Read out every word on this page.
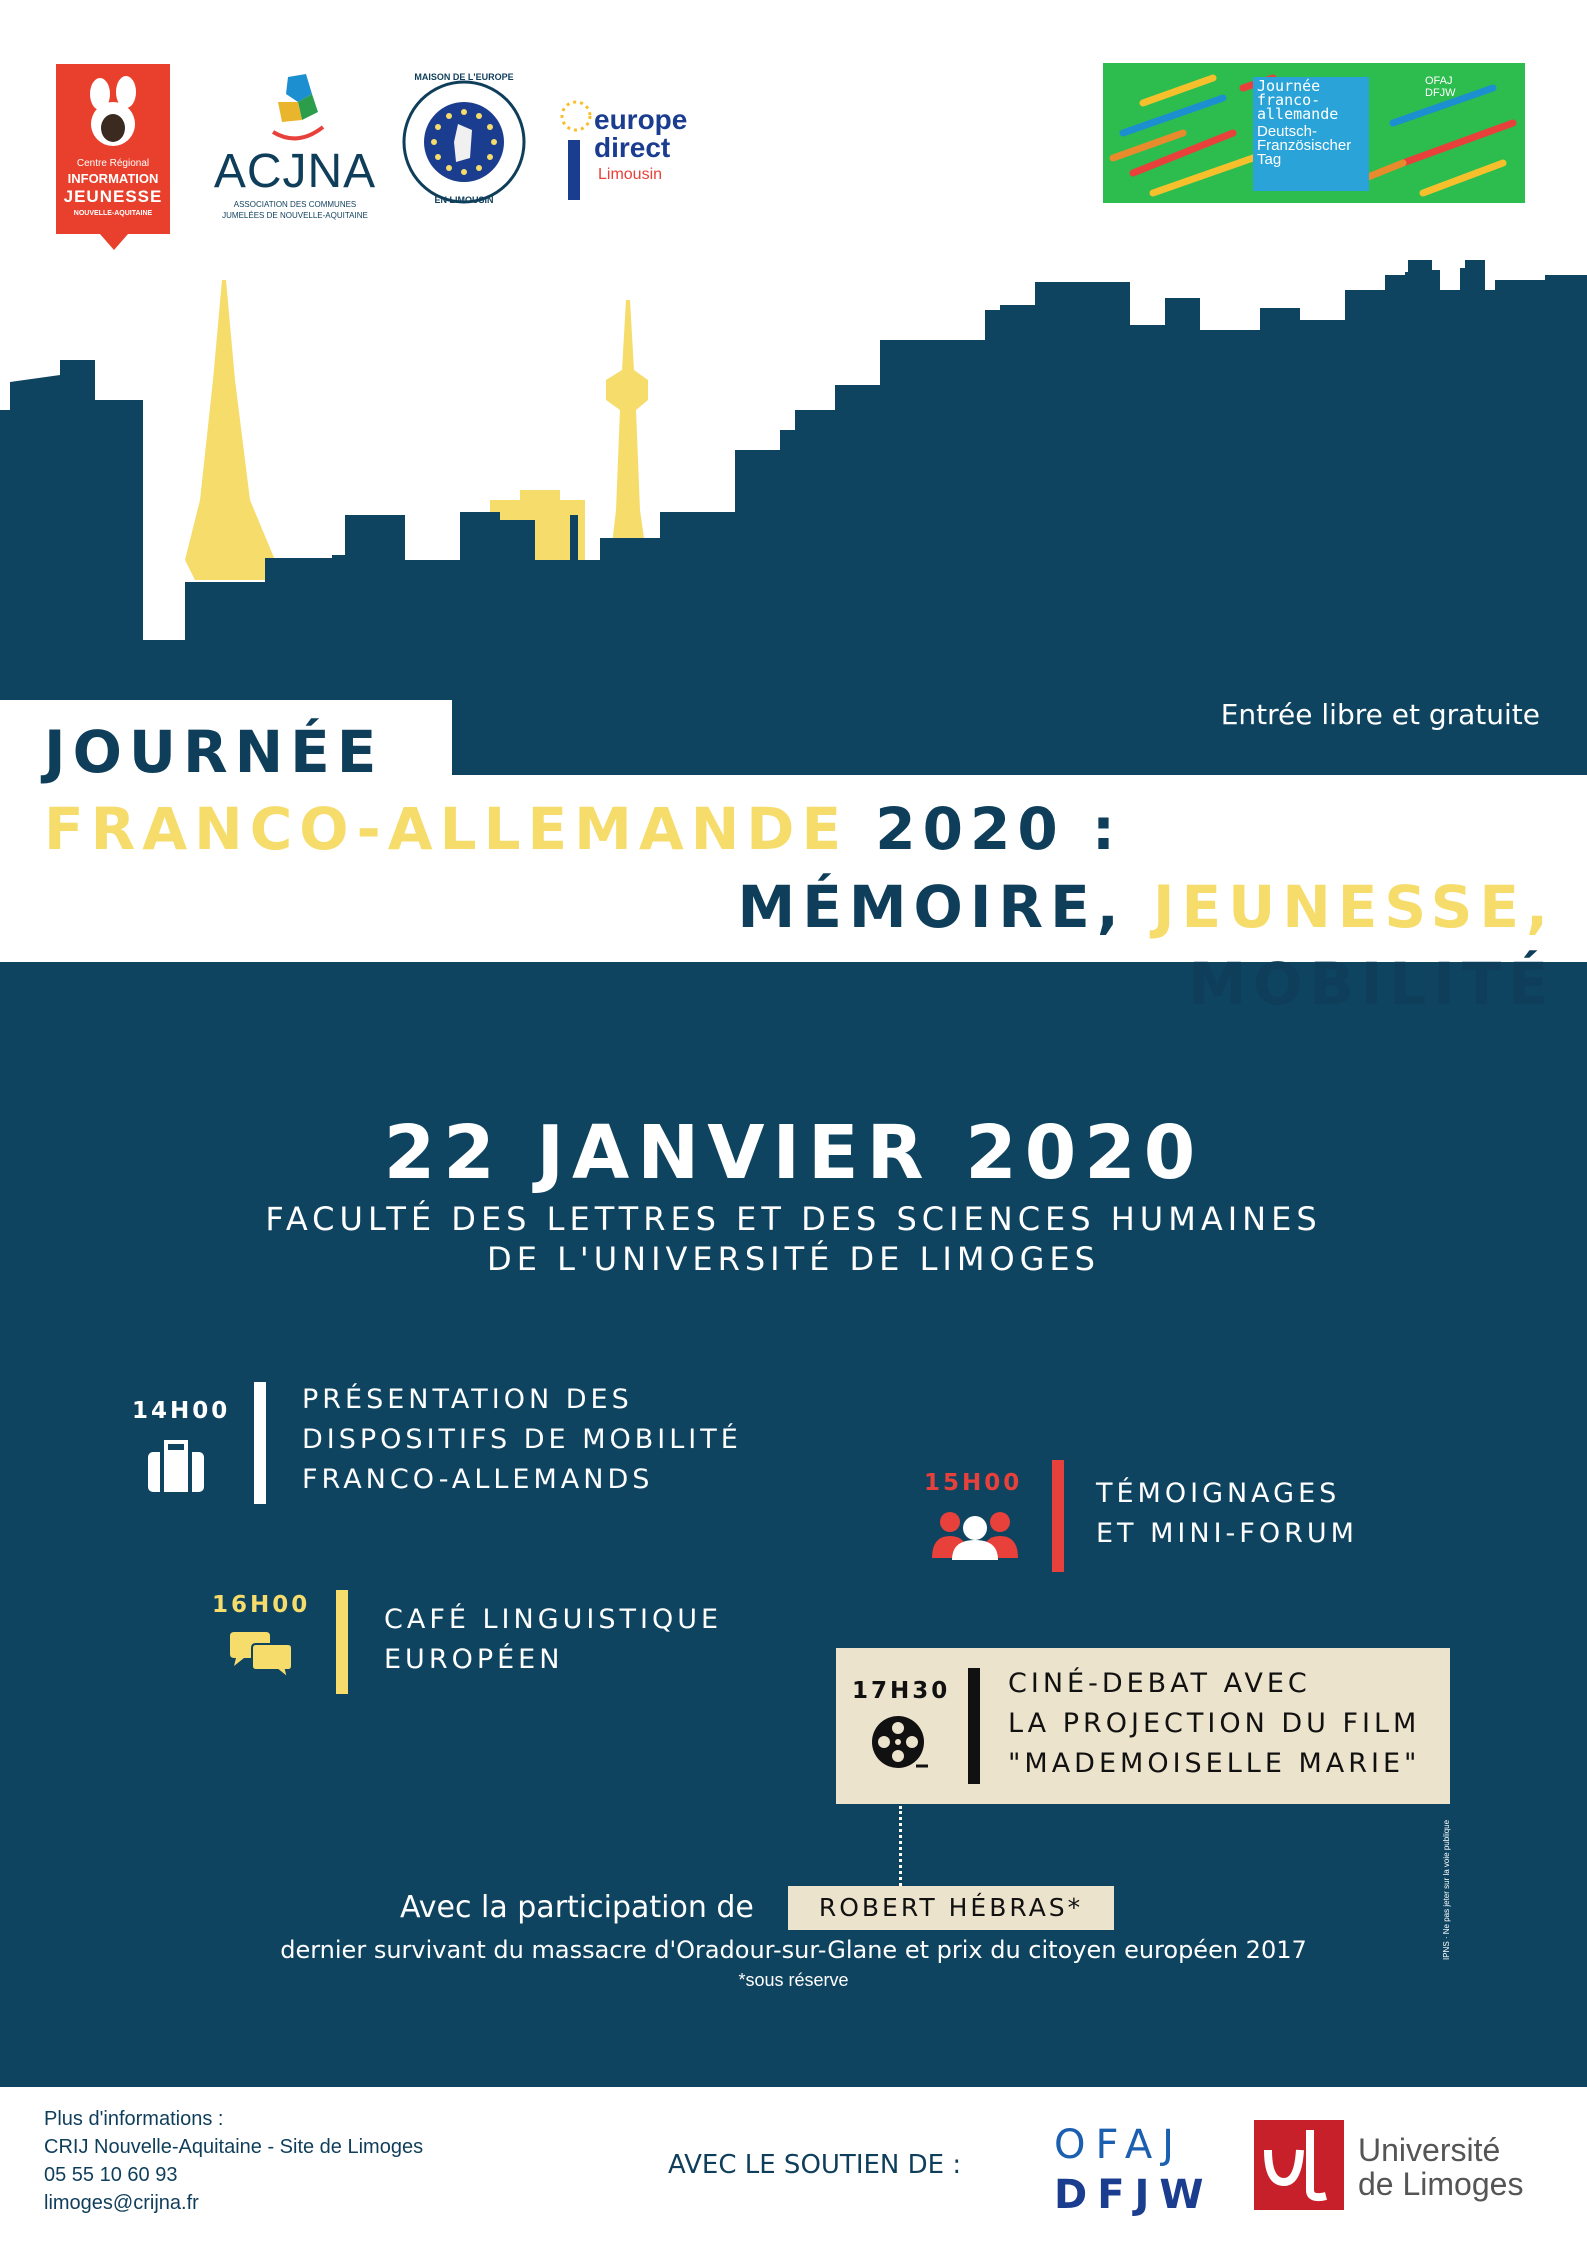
Centre Régional
INFORMATION
JEUNESSE
NOUVELLE-AQUITAINE
ACJNA
ASSOCIATION DES COMMUNES
JUMELÉES DE NOUVELLE-AQUITAINE
MAISON DE L'EUROPE
EN LIMOUSIN
europe
direct
Limousin
Journée
franco-
allemande
Deutsch-
Französischer
Tag
OFAJ
DFJW
Entrée libre et gratuite
JOURNÉE
FRANCO-ALLEMANDE 2020 :
MÉMOIRE, JEUNESSE,
MOBILITÉ
22 JANVIER 2020
FACULTÉ DES LETTRES ET DES SCIENCES HUMAINES
DE L'UNIVERSITÉ DE LIMOGES
14H00	PRÉSENTATION DES
DISPOSITIFS DE MOBILITÉ
FRANCO-ALLEMANDS	15H00	TÉMOIGNAGES
ET MINI-FORUM
16H00	CAFÉ LINGUISTIQUE
EUROPÉEN
17H30 CINÉ-DEBAT AVEC
LA PROJECTION DU FILM
"MADEMOISELLE MARIE"
Avec la participation de	ROBERT HÉBRAS*
dernier survivant du massacre d'Oradour-sur-Glane et prix du citoyen européen 2017
*sous réserve
IPNS · Ne pas jeter sur la voie publique
Plus d'informations :
CRIJ Nouvelle-Aquitaine - Site de Limoges
05 55 10 60 93
limoges@crijna.fr
AVEC LE SOUTIEN DE : OFAJ
DFJW
Université
de Limoges
